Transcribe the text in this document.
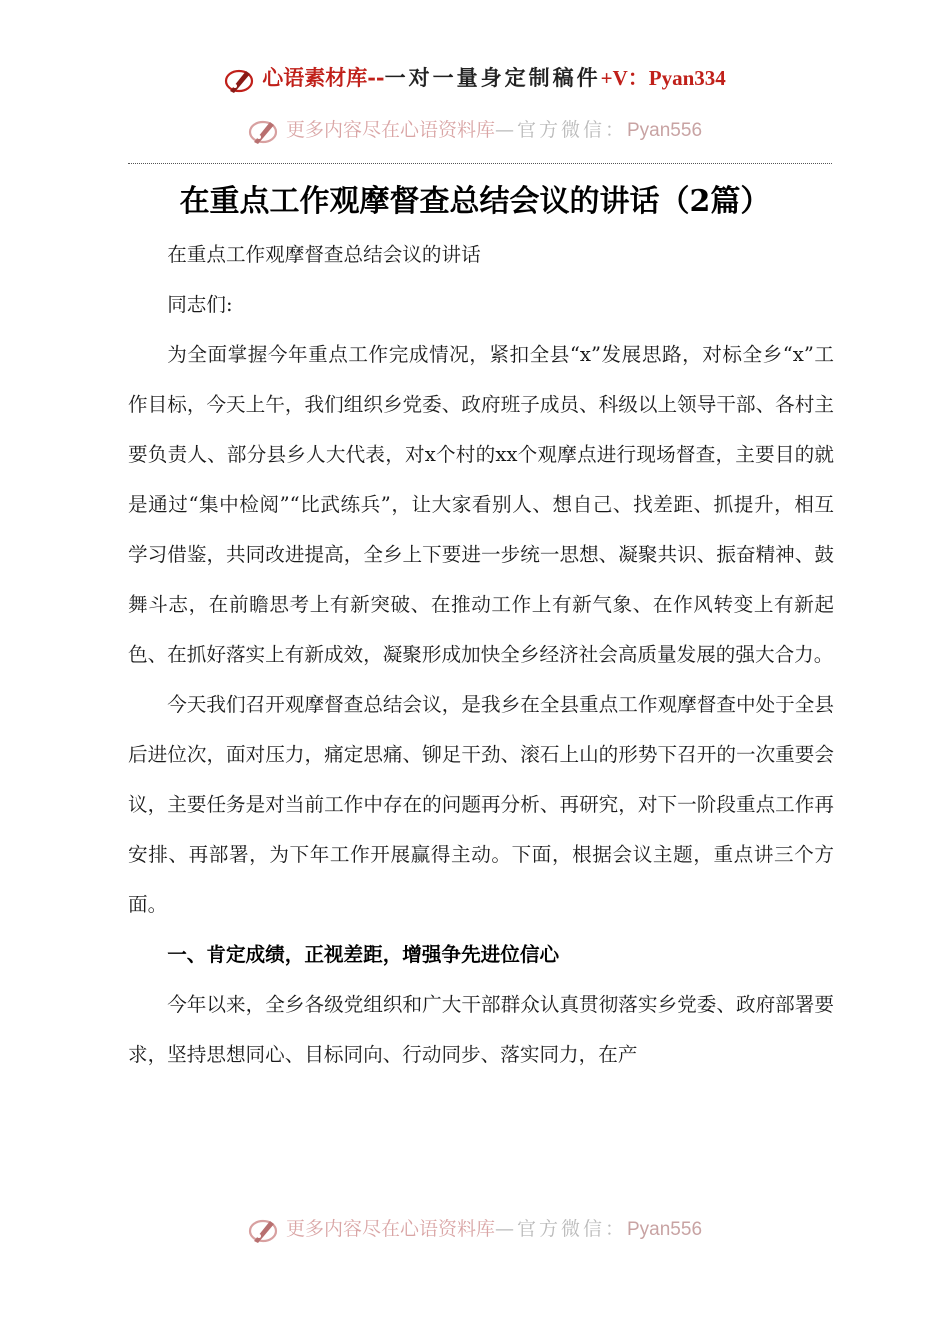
心语素材库--一对一量身定制稿件+V：Pyan334
更多内容尽在心语资料库—官方微信：Pyan556
在重点工作观摩督查总结会议的讲话（2篇）

在重点工作观摩督查总结会议的讲话

同志们:

为全面掌握今年重点工作完成情况，紧扣全县“x”发展思路，对标全乡“x”工作目标，今天上午，我们组织乡党委、政府班子成员、科级以上领导干部、各村主要负责人、部分县乡人大代表，对x个村的xx个观摩点进行现场督查，主要目的就是通过“集中检阅”“比武练兵”，让大家看别人、想自己、找差距、抓提升，相互学习借鉴，共同改进提高，全乡上下要进一步统一思想、凝聚共识、振奋精神、鼓舞斗志，在前瞻思考上有新突破、在推动工作上有新气象、在作风转变上有新起色、在抓好落实上有新成效，凝聚形成加快全乡经济社会高质量发展的强大合力。

今天我们召开观摩督查总结会议，是我乡在全县重点工作观摩督查中处于全县后进位次，面对压力，痛定思痛、铆足干劲、滚石上山的形势下召开的一次重要会议，主要任务是对当前工作中存在的问题再分析、再研究，对下一阶段重点工作再安排、再部署，为下年工作开展赢得主动。下面，根据会议主题，重点讲三个方面。

一、肯定成绩，正视差距，增强争先进位信心

今年以来，全乡各级党组织和广大干部群众认真贯彻落实乡党委、政府部署要求，坚持思想同心、目标同向、行动同步、落实同力，在产

更多内容尽在心语资料库—官方微信：Pyan556
